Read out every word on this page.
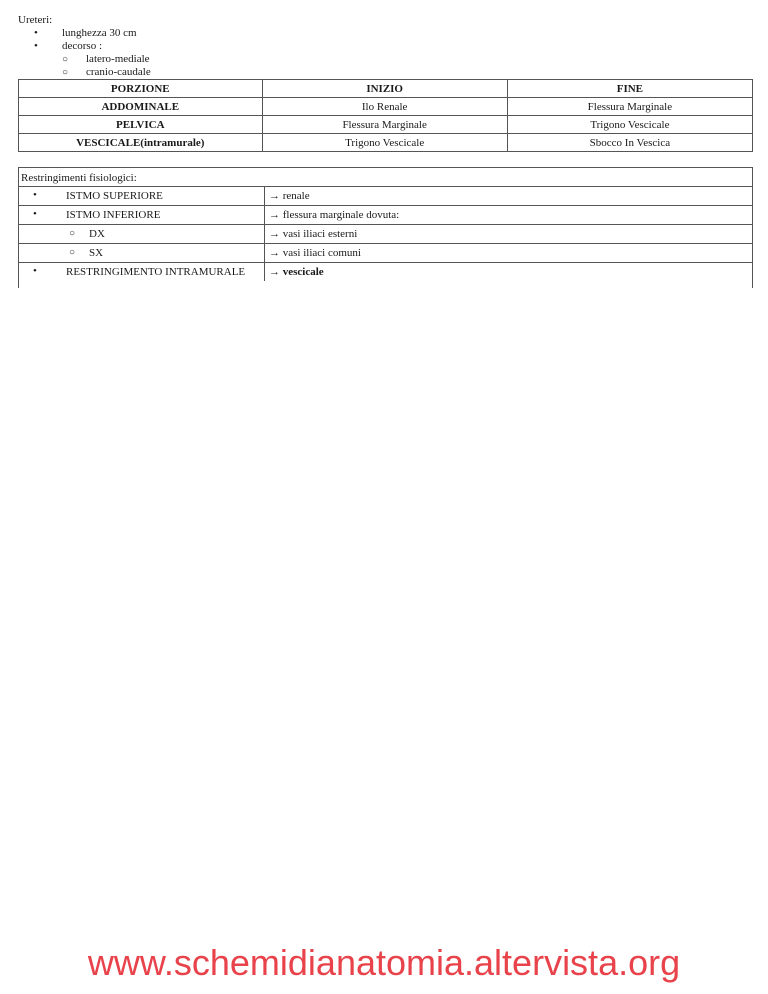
Ureteri:
• lunghezza 30 cm
• decorso :
○ latero-mediale
○ cranio-caudale
PORZIONE	INIZIO	FINE
ADDOMINALE	Ilo Renale	Flessura Marginale
PELVICA	Flessura Marginale	Trigono Vescicale
VESCICALE(intramurale)	Trigono Vescicale	Sbocco In Vescica
Restringimenti fisiologici:
• ISTMO SUPERIORE	→ renale

• ISTMO INFERIORE	→ flessura marginale dovuta:

○ DX	→ vasi iliaci esterni

○ SX	→ vasi iliaci comuni

• RESTRINGIMENTO INTRAMURALE	→ vescicale
www.schemidianatomia.altervista.org
